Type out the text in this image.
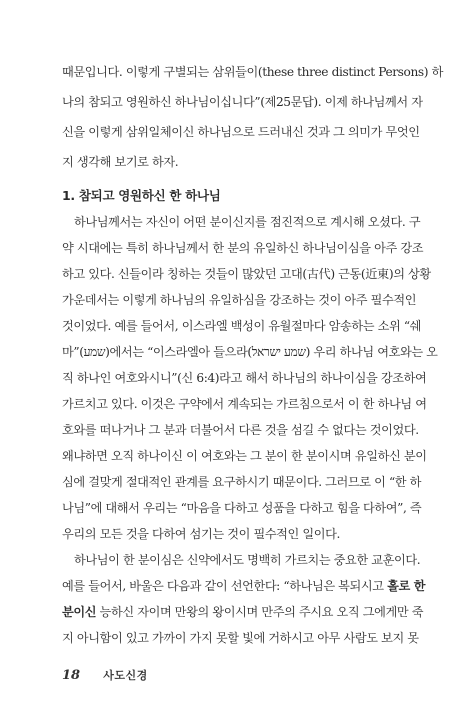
때문입니다. 이렇게 구별되는 삼위들이(these three distinct Persons) 하
나의 참되고 영원하신 하나님이십니다”(제25문답). 이제 하나님께서 자
신을 이렇게 삼위일체이신 하나님으로 드러내신 것과 그 의미가 무엇인
지 생각해 보기로 하자.
1. 참되고 영원하신 한 하나님
하나님께서는 자신이 어떤 분이신지를 점진적으로 계시해 오셨다. 구
약 시대에는 특히 하나님께서 한 분의 유일하신 하나님이심을 아주 강조
하고 있다. 신들이라 칭하는 것들이 많았던 고대(古代) 근동(近東)의 상황
가운데서는 이렇게 하나님의 유일하심을 강조하는 것이 아주 필수적인
것이었다. 예를 들어서, 이스라엘 백성이 유월절마다 암송하는 소위 “쉐
마”(שמע)에서는 “이스라엘아 들으라(שמע ישראל) 우리 하나님 여호와는 오
직 하나인 여호와시니”(신 6:4)라고 해서 하나님의 하나이심을 강조하여
가르치고 있다. 이것은 구약에서 계속되는 가르침으로서 이 한 하나님 여
호와를 떠나거나 그 분과 더불어서 다른 것을 섬길 수 없다는 것이었다.
왜냐하면 오직 하나이신 이 여호와는 그 분이 한 분이시며 유일하신 분이
심에 걸맞게 절대적인 관계를 요구하시기 때문이다. 그러므로 이 “한 하
나님”에 대해서 우리는 “마음을 다하고 성품을 다하고 힘을 다하여”, 즉
우리의 모든 것을 다하여 섬기는 것이 필수적인 일이다.
하나님이 한 분이심은 신약에서도 명백히 가르치는 중요한 교훈이다.
예를 들어서, 바울은 다음과 같이 선언한다: “하나님은 복되시고 홀로 한
분이신 능하신 자이며 만왕의 왕이시며 만주의 주시요 오직 그에게만 죽
지 아니함이 있고 가까이 가지 못할 빛에 거하시고 아무 사람도 보지 못
18 사도신경
